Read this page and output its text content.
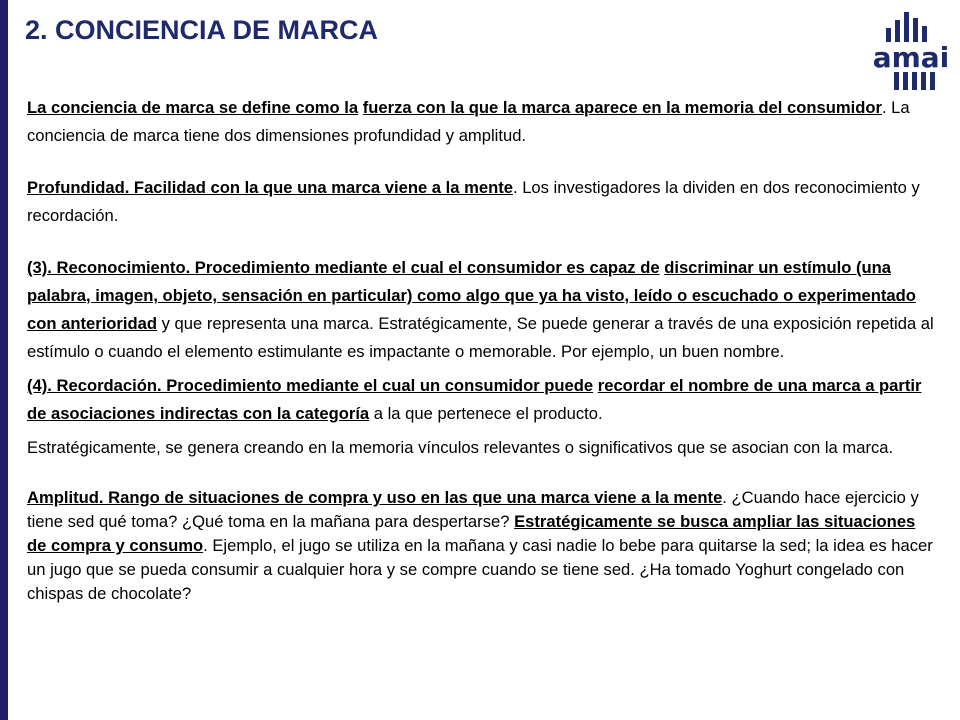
2. CONCIENCIA DE MARCA
amai

La conciencia de marca se define como la fuerza con la que la marca aparece en la memoria del consumidor. La conciencia de marca tiene dos dimensiones profundidad y amplitud.

Profundidad. Facilidad con la que una marca viene a la mente. Los investigadores la dividen en dos reconocimiento y recordación.

(3). Reconocimiento. Procedimiento mediante el cual el consumidor es capaz de discriminar un estímulo (una palabra, imagen, objeto, sensación en particular) como algo que ya ha visto, leído o escuchado o experimentado con anterioridad y que representa una marca. Estratégicamente, Se puede generar a través de una exposición repetida al estímulo o cuando el elemento estimulante es impactante o memorable. Por ejemplo, un buen nombre.

(4). Recordación. Procedimiento mediante el cual un consumidor puede recordar el nombre de una marca a partir de asociaciones indirectas con la categoría a la que pertenece el producto.

Estratégicamente, se genera creando en la memoria vínculos relevantes o significativos que se asocian con la marca.

Amplitud. Rango de situaciones de compra y uso en las que una marca viene a la mente. ¿Cuando hace ejercicio y tiene sed qué toma? ¿Qué toma en la mañana para despertarse? Estratégicamente se busca ampliar las situaciones de compra y consumo. Ejemplo, el jugo se utiliza en la mañana y casi nadie lo bebe para quitarse la sed; la idea es hacer un jugo que se pueda consumir a cualquier hora y se compre cuando se tiene sed. ¿Ha tomado Yoghurt congelado con chispas de chocolate?
